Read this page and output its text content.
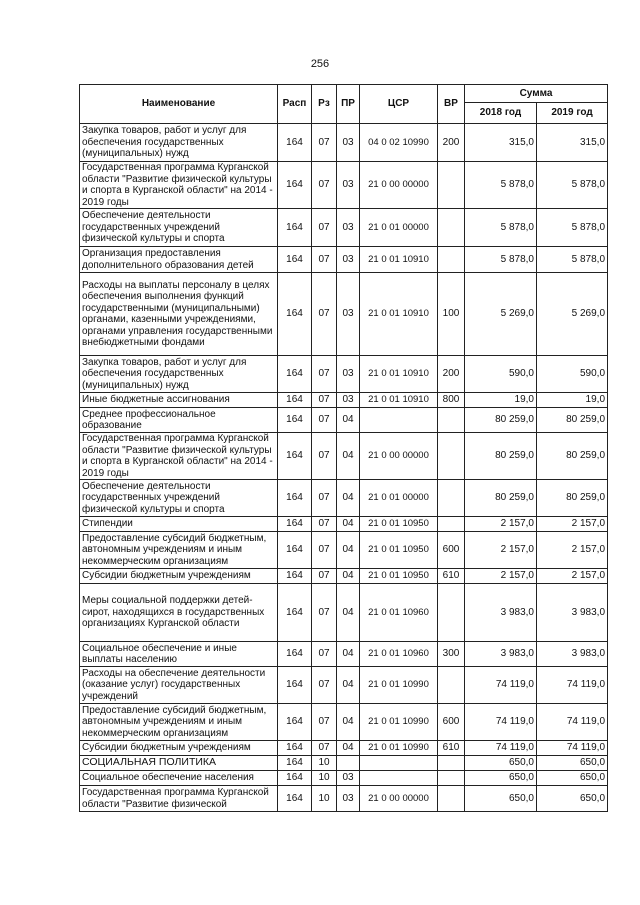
256
Наименование	Расп	Рз	ПР	ЦСР	ВР	Сумма	
						2018 год	2019 год
Закупка товаров, работ и услуг для обеспечения государственных (муниципальных) нужд	164	07	03	04 0 02 10990	200	315,0	315,0
Государственная программа Курганской области "Развитие физической культуры и спорта в Курганской области" на 2014 - 2019 годы	164	07	03	21 0 00 00000		5 878,0	5 878,0
Обеспечение деятельности государственных учреждений физической культуры и спорта	164	07	03	21 0 01 00000		5 878,0	5 878,0
Организация предоставления дополнительного образования детей	164	07	03	21 0 01 10910		5 878,0	5 878,0
Расходы на выплаты персоналу в целях обеспечения выполнения функций государственными (муниципальными) органами, казенными учреждениями, органами управления государственными внебюджетными фондами	164	07	03	21 0 01 10910	100	5 269,0	5 269,0
Закупка товаров, работ и услуг для обеспечения государственных (муниципальных) нужд	164	07	03	21 0 01 10910	200	590,0	590,0
Иные бюджетные ассигнования	164	07	03	21 0 01 10910	800	19,0	19,0
Среднее профессиональное образование	164	07	04			80 259,0	80 259,0
Государственная программа Курганской области "Развитие физической культуры и спорта в Курганской области" на 2014 - 2019 годы	164	07	04	21 0 00 00000		80 259,0	80 259,0
Обеспечение деятельности государственных учреждений физической культуры и спорта	164	07	04	21 0 01 00000		80 259,0	80 259,0
Стипендии	164	07	04	21 0 01 10950		2 157,0	2 157,0
Предоставление субсидий бюджетным, автономным учреждениям и иным некоммерческим организациям	164	07	04	21 0 01 10950	600	2 157,0	2 157,0
Субсидии бюджетным учреждениям	164	07	04	21 0 01 10950	610	2 157,0	2 157,0
Меры социальной поддержки детей-сирот, находящихся в государственных организациях Курганской области	164	07	04	21 0 01 10960		3 983,0	3 983,0
Социальное обеспечение и иные выплаты населению	164	07	04	21 0 01 10960	300	3 983,0	3 983,0
Расходы на обеспечение деятельности (оказание услуг) государственных учреждений	164	07	04	21 0 01 10990		74 119,0	74 119,0
Предоставление субсидий бюджетным, автономным учреждениям и иным некоммерческим организациям	164	07	04	21 0 01 10990	600	74 119,0	74 119,0
Субсидии бюджетным учреждениям	164	07	04	21 0 01 10990	610	74 119,0	74 119,0
СОЦИАЛЬНАЯ ПОЛИТИКА	164	10				650,0	650,0
Социальное обеспечение населения	164	10	03			650,0	650,0
Государственная программа Курганской области "Развитие физической	164	10	03	21 0 00 00000		650,0	650,0
